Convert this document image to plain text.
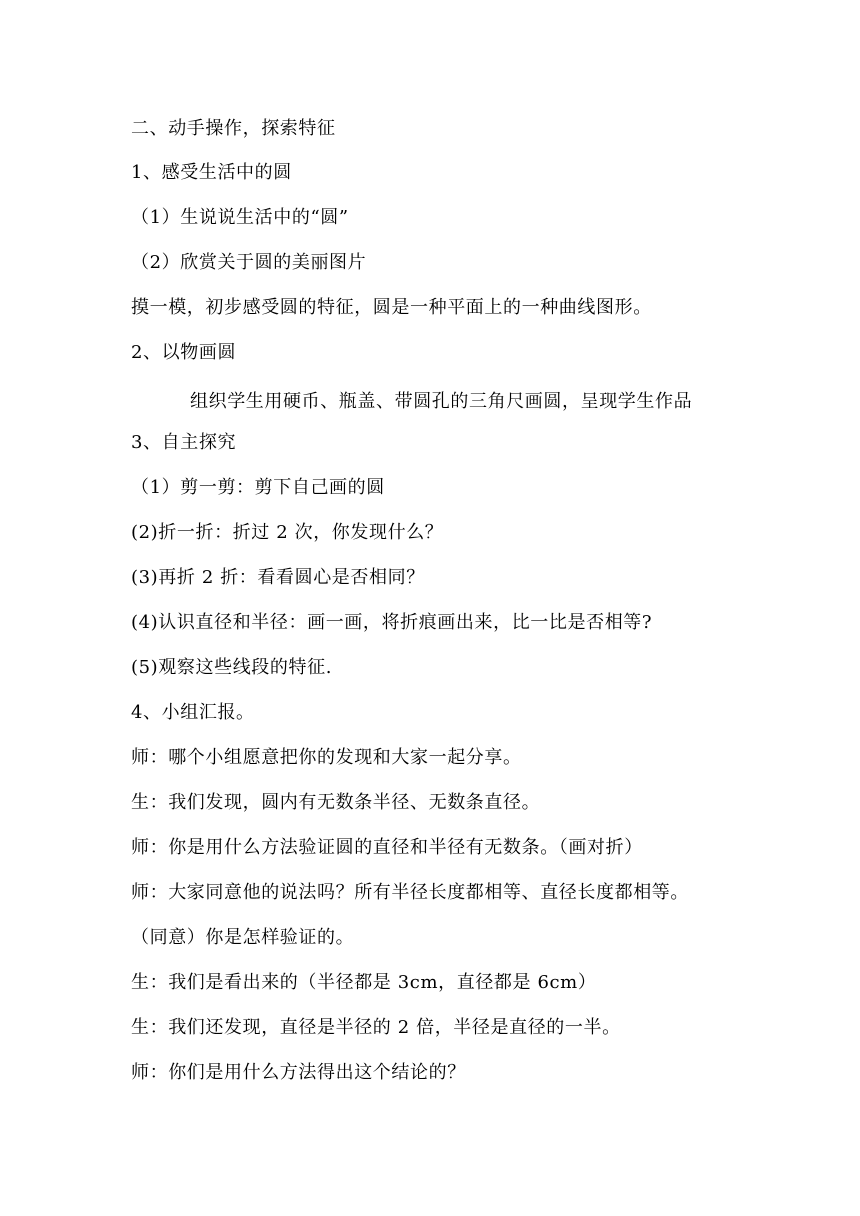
二、动手操作，探索特征
1、感受生活中的圆
（1）生说说生活中的“圆”
（2）欣赏关于圆的美丽图片
摸一模，初步感受圆的特征，圆是一种平面上的一种曲线图形。
2、以物画圆
组织学生用硬币、瓶盖、带圆孔的三角尺画圆，呈现学生作品
3、自主探究
（1）剪一剪：剪下自己画的圆
(2)折一折：折过 2 次，你发现什么？
(3)再折 2 折：看看圆心是否相同？
(4)认识直径和半径：画一画，将折痕画出来，比一比是否相等?
(5)观察这些线段的特征.
4、小组汇报。
师：哪个小组愿意把你的发现和大家一起分享。
生：我们发现，圆内有无数条半径、无数条直径。
师：你是用什么方法验证圆的直径和半径有无数条。（画对折）
师：大家同意他的说法吗？所有半径长度都相等、直径长度都相等。
（同意）你是怎样验证的。
生：我们是看出来的（半径都是 3cm，直径都是 6cm）
生：我们还发现，直径是半径的 2 倍，半径是直径的一半。
师：你们是用什么方法得出这个结论的？
